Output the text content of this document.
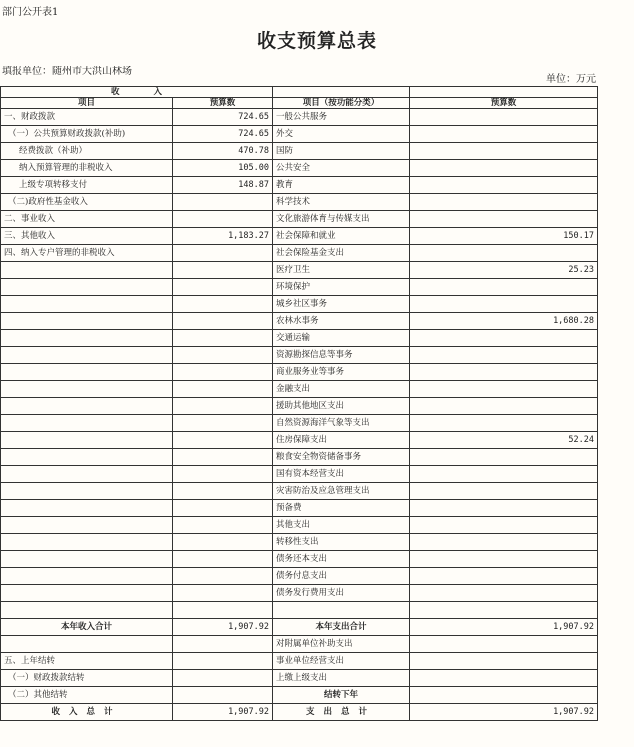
部门公开表1
收支预算总表
填报单位：随州市大洪山林场
单位：万元
收　　　　入			
项目	预算数	项目（按功能分类）	预算数
一、财政拨款	724.65	一般公共服务	
（一）公共预算财政拨款(补助)	724.65	外交	
经费拨款（补助）	470.78	国防	
纳入预算管理的非税收入	105.00	公共安全	
上级专项转移支付	148.87	教育	
（二)政府性基金收入		科学技术	
二、事业收入		文化旅游体育与传媒支出	
三、其他收入	1,183.27	社会保障和就业	150.17
四、纳入专户管理的非税收入		社会保险基金支出	
		医疗卫生	25.23
		环境保护	
		城乡社区事务	
		农林水事务	1,680.28
		交通运输	
		资源勘探信息等事务	
		商业服务业等事务	
		金融支出	
		援助其他地区支出	
		自然资源海洋气象等支出	
		住房保障支出	52.24
		粮食安全物资储备事务	
		国有资本经营支出	
		灾害防治及应急管理支出	
		预备费	
		其他支出	
		转移性支出	
		债务还本支出	
		债务付息支出	
		债务发行费用支出	

本年收入合计	1,907.92	本年支出合计	1,907.92
		对附属单位补助支出	
五、上年结转		事业单位经营支出	
（一）财政拨款结转		上缴上级支出	
（二）其他结转		结转下年	
收入总计	1,907.92	支出总计	1,907.92
